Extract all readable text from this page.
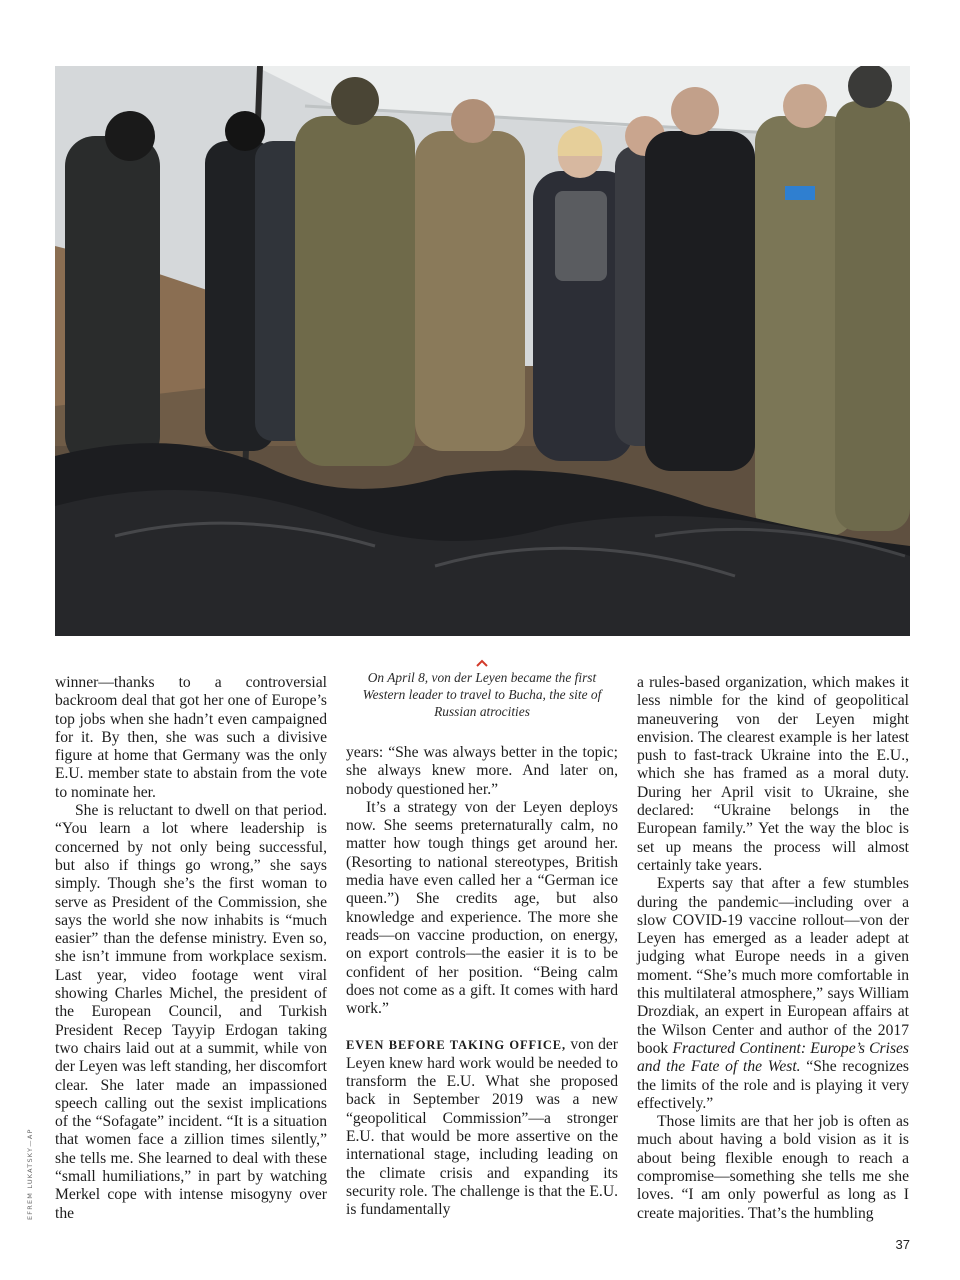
EFREM LUKATSKY—AP

winner—thanks to a controversial backroom deal that got her one of Europe’s top jobs when she hadn’t even campaigned for it. By then, she was such a divisive figure at home that Germany was the only E.U. member state to abstain from the vote to nominate her.

She is reluctant to dwell on that period. “You learn a lot where leadership is concerned by not only being successful, but also if things go wrong,” she says simply. Though she’s the first woman to serve as President of the Commission, she says the world she now inhabits is “much easier” than the defense ministry. Even so, she isn’t immune from workplace sexism. Last year, video footage went viral showing Charles Michel, the president of the European Council, and Turkish President Recep Tayyip Erdogan taking two chairs laid out at a summit, while von der Leyen was left standing, her discomfort clear. She later made an impassioned speech calling out the sexist implications of the “Sofagate” incident. “It is a situation that women face a zillion times silently,” she tells me. She learned to deal with these “small humiliations,” in part by watching Merkel cope with intense misogyny over the

On April 8, von der Leyen became the first Western leader to travel to Bucha, the site of Russian atrocities

years: “She was always better in the topic; she always knew more. And later on, nobody questioned her.”

It’s a strategy von der Leyen deploys now. She seems preternaturally calm, no matter how tough things get around her. (Resorting to national stereotypes, British media have even called her a “German ice queen.”) She credits age, but also knowledge and experience. The more she reads—on vaccine production, on energy, on export controls—the easier it is to be confident of her position. “Being calm does not come as a gift. It comes with hard work.”

EVEN BEFORE TAKING OFFICE, von der Leyen knew hard work would be needed to transform the E.U. What she proposed back in September 2019 was a new “geopolitical Commission”—a stronger E.U. that would be more assertive on the international stage, including leading on the climate crisis and expanding its security role. The challenge is that the E.U. is fundamentally

a rules-based organization, which makes it less nimble for the kind of geopolitical maneuvering von der Leyen might envision. The clearest example is her latest push to fast-track Ukraine into the E.U., which she has framed as a moral duty. During her April visit to Ukraine, she declared: “Ukraine belongs in the European family.” Yet the way the bloc is set up means the process will almost certainly take years.

Experts say that after a few stumbles during the pandemic—including over a slow COVID-19 vaccine rollout—von der Leyen has emerged as a leader adept at judging what Europe needs in a given moment. “She’s much more comfortable in this multilateral atmosphere,” says William Drozdiak, an expert in European affairs at the Wilson Center and author of the 2017 book Fractured Continent: Europe’s Crises and the Fate of the West. “She recognizes the limits of the role and is playing it very effectively.”

Those limits are that her job is often as much about having a bold vision as it is about being flexible enough to reach a compromise—something she tells me she loves. “I am only powerful as long as I create majorities. That’s the humbling

37
